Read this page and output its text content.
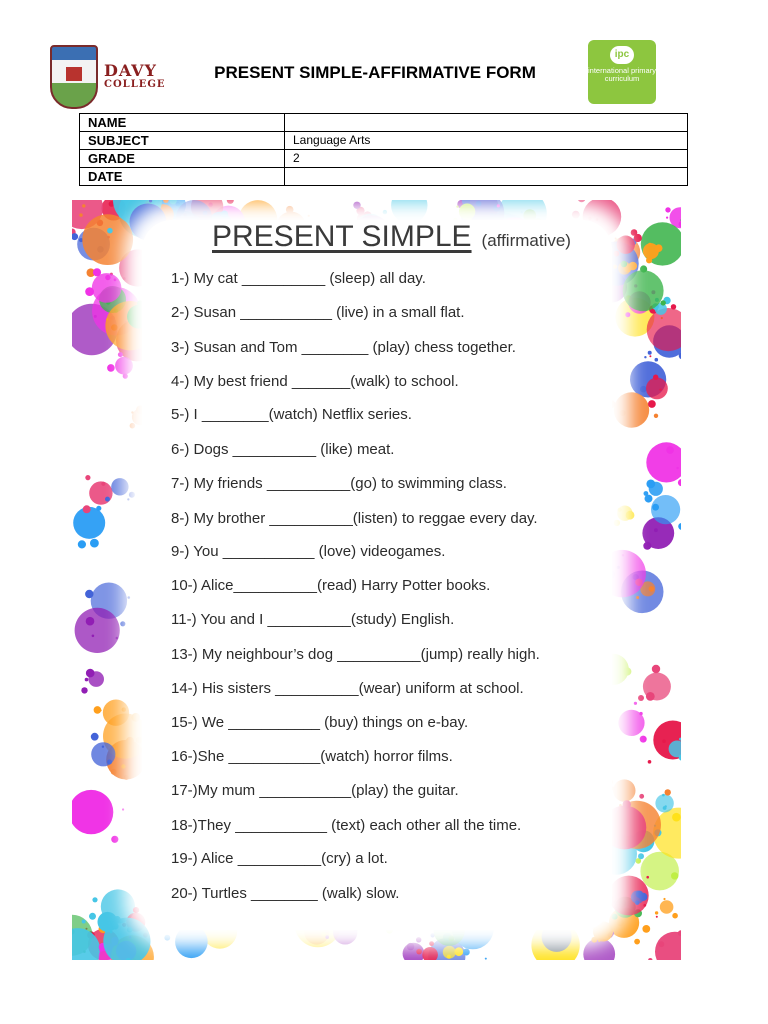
DAVY
COLLEGE
PRESENT SIMPLE-AFFIRMATIVE FORM
ipc
international primary curriculum
NAME	
SUBJECT	Language Arts
GRADE	2
DATE	
PRESENT SIMPLE (affirmative)
1-) My cat __________ (sleep) all day.
2-) Susan ___________ (live) in a small flat.
3-) Susan and Tom ________ (play) chess together.
4-) My best friend _______(walk) to school.
5-) I ________(watch) Netflix series.
6-) Dogs __________ (like) meat.
7-) My friends __________(go) to swimming class.
8-) My brother __________(listen) to reggae every day.
9-) You ___________ (love) videogames.
10-) Alice__________(read) Harry Potter books.
11-) You and I __________(study) English.
13-) My neighbour’s dog __________(jump) really high.
14-) His sisters __________(wear) uniform at school.
15-) We ___________ (buy) things on e-bay.
16-)She ___________(watch) horror films.
17-)My mum ___________(play) the guitar.
18-)They ___________ (text) each other all the time.
19-) Alice __________(cry) a lot.
20-) Turtles ________ (walk) slow.
